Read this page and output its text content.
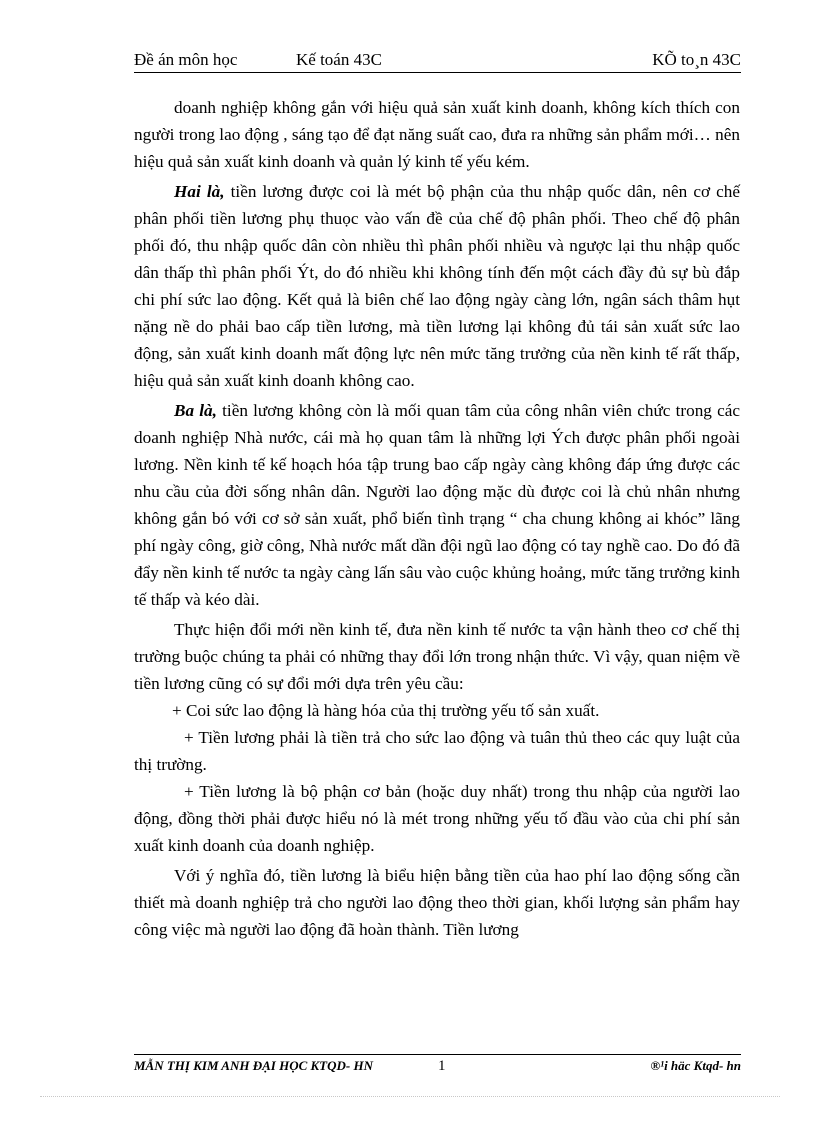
Đề án môn học	Kế toán 43C	KÕ to¸n 43C

doanh nghiệp không gắn với hiệu quả sản xuất kinh doanh, không kích thích con người trong lao động , sáng tạo để đạt năng suất cao, đưa ra những sản phẩm mới… nên hiệu quả sản xuất kinh doanh và quản lý kinh tế yếu kém.

Hai là, tiền lương được coi là mét bộ phận của thu nhập quốc dân, nên cơ chế phân phối tiền lương phụ thuọc vào vấn đề của chế độ phân phối. Theo chế độ phân phối đó, thu nhập quốc dân còn nhiều thì phân phối nhiều và ngược lại thu nhập quốc dân thấp thì phân phối Ýt, do đó nhiều khi không tính đến một cách đầy đủ sự bù đắp chi phí sức lao động. Kết quả là biên chế lao động ngày càng lớn, ngân sách thâm hụt nặng nề do phải bao cấp tiền lương, mà tiền lương lại không đủ tái sản xuất sức lao động, sản xuất kinh doanh mất động lực nên mức tăng trưởng của nền kinh tế rất thấp, hiệu quả sản xuất kinh doanh không cao.

Ba là, tiền lương không còn là mối quan tâm của công nhân viên chức trong các doanh nghiệp Nhà nước, cái mà họ quan tâm là những lợi Ých được phân phối ngoài lương. Nền kinh tế kế hoạch hóa tập trung bao cấp ngày càng không đáp ứng được các nhu cầu của đời sống nhân dân. Người lao động mặc dù được coi là chủ nhân nhưng không gắn bó với cơ sở sản xuất, phổ biến tình trạng “ cha chung không ai khóc” lãng phí ngày công, giờ công, Nhà nước mất dần đội ngũ lao động có tay nghề cao. Do đó đã đẩy nền kinh tế nước ta ngày càng lấn sâu vào cuộc khủng hoảng, mức tăng trưởng kinh tế thấp và kéo dài.

Thực hiện đổi mới nền kinh tế, đưa nền kinh tế nước ta vận hành theo cơ chế thị trường buộc chúng ta phải có những thay đổi lớn trong nhận thức. Vì vậy, quan niệm về tiền lương cũng có sự đổi mới dựa trên yêu cầu:

+ Coi sức lao động là hàng hóa của thị trường yếu tố sản xuất.

+ Tiền lương phải là tiền trả cho sức lao động và tuân thủ theo các quy luật của thị trường.

+ Tiền lương là bộ phận cơ bản (hoặc duy nhất) trong thu nhập của người lao động, đồng thời phải được hiểu nó là mét trong những yếu tố đầu vào của chi phí sản xuất kinh doanh của doanh nghiệp.

Với ý nghĩa đó, tiền lương là biểu hiện bằng tiền của hao phí lao động sống cần thiết mà doanh nghiệp trả cho người lao động theo thời gian, khối lượng sản phẩm hay công việc mà người lao động đã hoàn thành. Tiền lương

MẪN THỊ KIM ANH ĐẠI HỌC KTQD- HN	1	®¹i häc Ktqd- hn
